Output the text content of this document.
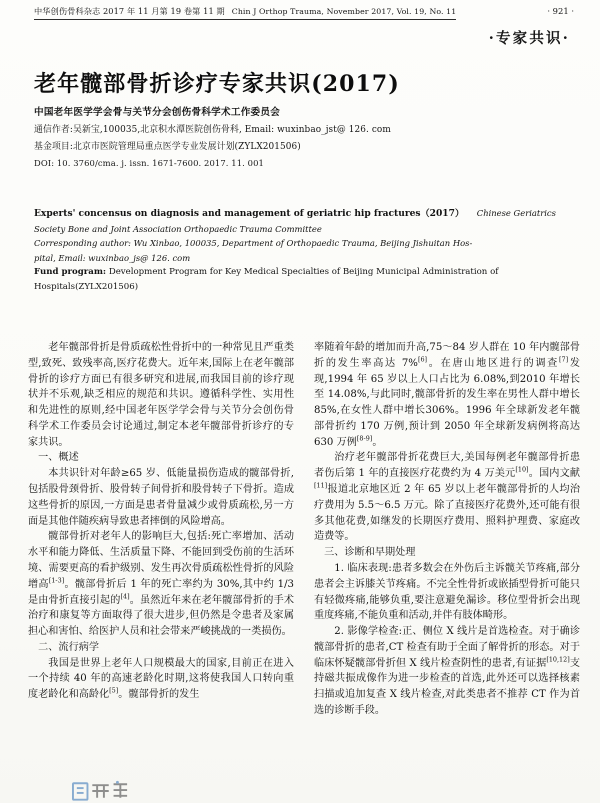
中华创伤骨科杂志 2017 年 11 月第 19 卷第 11 期 Chin J Orthop Trauma, November 2017, Vol. 19, No. 11	· 921 ·
·专家共识·
老年髋部骨折诊疗专家共识(2017)
中国老年医学学会骨与关节分会创伤骨科学术工作委员会
通信作者:吴新宝,100035,北京积水潭医院创伤骨科, Email: wuxinbao_jst@ 126. com
基金项目:北京市医院管理局重点医学专业发展计划(ZYLX201506)
DOI: 10. 3760/cma. j. issn. 1671-7600. 2017. 11. 001
Experts' concensus on diagnosis and management of geriatric hip fractures（2017） Chinese Geriatrics
Society Bone and Joint Association Orthopaedic Trauma Committee
Corresponding author: Wu Xinbao, 100035, Department of Orthopaedic Trauma, Beijing Jishuitan Hos-
pital, Email: wuxinbao_js@ 126. com
Fund program: Development Program for Key Medical Specialties of Beijing Municipal Administration of
Hospitals(ZYLX201506)

老年髋部骨折是骨质疏松性骨折中的一种常见且严重类型,致死、致残率高,医疗花费大。近年来,国际上在老年髋部骨折的诊疗方面已有很多研究和进展,而我国目前的诊疗现状并不乐观,缺乏相应的规范和共识。遵循科学性、实用性和先进性的原则,经中国老年医学学会骨与关节分会创伤骨科学术工作委员会讨论通过,制定本老年髋部骨折诊疗的专家共识。

一、概述

本共识针对年龄≥65 岁、低能量损伤造成的髋部骨折,包括股骨颈骨折、股骨转子间骨折和股骨转子下骨折。造成这些骨折的原因,一方面是患者骨量减少或骨质疏松,另一方面是其他伴随疾病导致患者摔倒的风险增高。

髋部骨折对老年人的影响巨大,包括:死亡率增加、活动水平和能力降低、生活质量下降、不能回到受伤前的生活环境、需要更高的看护级别、发生再次骨质疏松性骨折的风险增高[1-3]。髋部骨折后 1 年的死亡率约为 30%,其中约 1/3 是由骨折直接引起的[4]。虽然近年来在老年髋部骨折的手术治疗和康复等方面取得了很大进步,但仍然是令患者及家属担心和害怕、给医护人员和社会带来严峻挑战的一类损伤。

二、流行病学

我国是世界上老年人口规模最大的国家,目前正在进入一个持续 40 年的高速老龄化时期,这将使我国人口转向重度老龄化和高龄化[5]。髋部骨折的发生

率随着年龄的增加而升高,75～84 岁人群在 10 年内髋部骨折的发生率高达 7%[6]。在唐山地区进行的调查[7]发现,1994 年 65 岁以上人口占比为 6.08%,到2010 年增长至 14.08%,与此同时,髋部骨折的发生率在男性人群中增长 85%,在女性人群中增长306%。1996 年全球新发老年髋部骨折约 170 万例,预计到 2050 年全球新发病例将高达 630 万例[8-9]。

治疗老年髋部骨折花费巨大,美国每例老年髋部骨折患者伤后第 1 年的直接医疗花费约为 4 万美元[10]。国内文献[11]报道北京地区近 2 年 65 岁以上老年髋部骨折的人均治疗费用为 5.5～6.5 万元。除了直接医疗花费外,还可能有很多其他花费,如继发的长期医疗费用、照料护理费、家庭改造费等。

三、诊断和早期处理

1. 临床表现:患者多数会在外伤后主诉髋关节疼痛,部分患者会主诉膝关节疼痛。不完全性骨折或嵌插型骨折可能只有轻微疼痛,能够负重,要注意避免漏诊。移位型骨折会出现重度疼痛,不能负重和活动,并伴有肢体畸形。

2. 影像学检查:正、侧位 X 线片是首选检查。对于确诊髋部骨折的患者,CT 检查有助于全面了解骨折的形态。对于临床怀疑髋部骨折但 X 线片检查阴性的患者,有证据[10,12]支持磁共振成像作为进一步检查的首选,此外还可以选择核素扫描或追加复查 X 线片检查,对此类患者不推荐 CT 作为首选的诊断手段。
